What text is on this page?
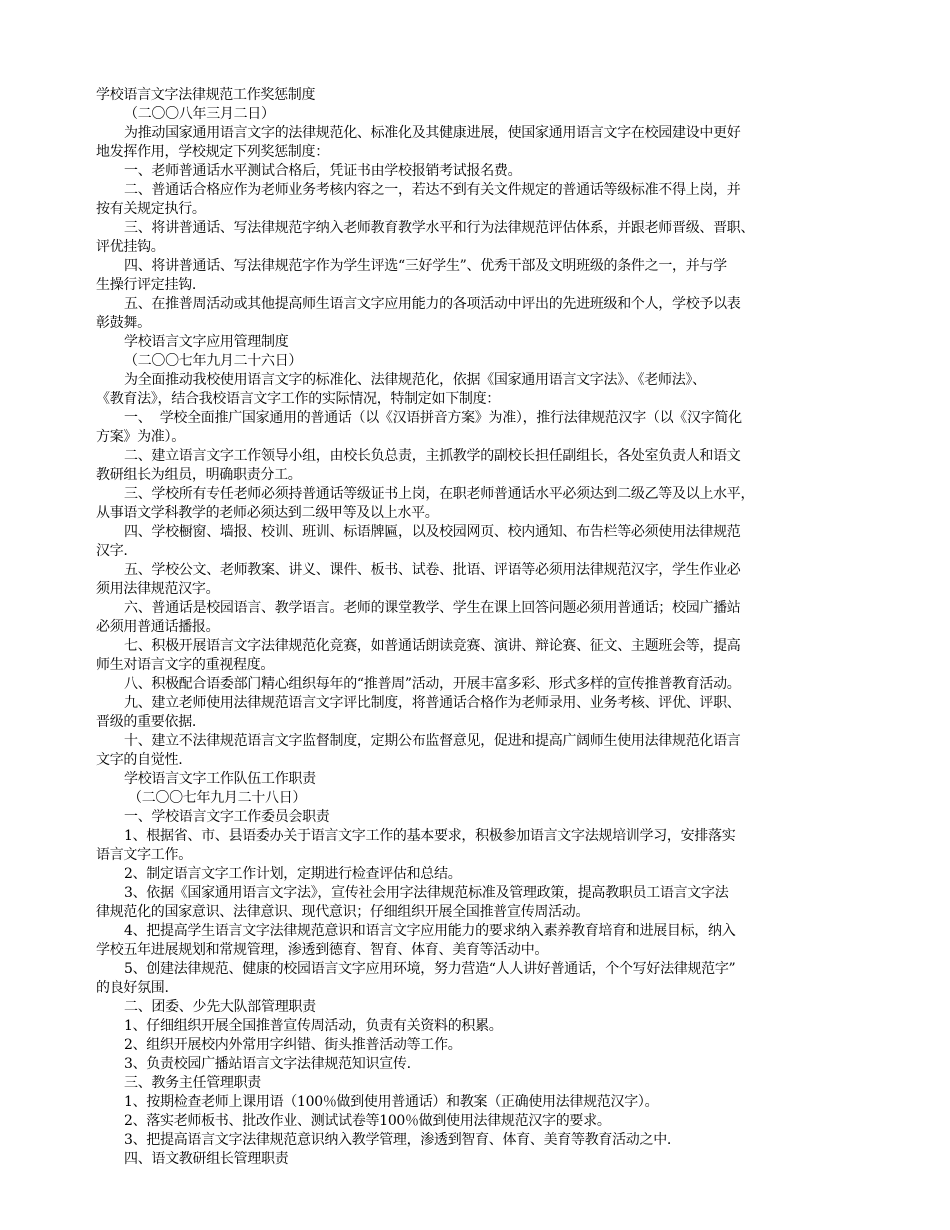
学校语言文字法律规范工作奖惩制度
（二〇〇八年三月二日）
为推动国家通用语言文字的法律规范化、标准化及其健康进展，使国家通用语言文字在校园建设中更好
地发挥作用，学校规定下列奖惩制度：
一、老师普通话水平测试合格后，凭证书由学校报销考试报名费。
二、普通话合格应作为老师业务考核内容之一，若达不到有关文件规定的普通话等级标准不得上岗，并
按有关规定执行。
三、将讲普通话、写法律规范字纳入老师教育教学水平和行为法律规范评估体系，并跟老师晋级、晋职、
评优挂钩。
四、将讲普通话、写法律规范字作为学生评选“三好学生”、优秀干部及文明班级的条件之一，并与学
生操行评定挂钩.
五、在推普周活动或其他提高师生语言文字应用能力的各项活动中评出的先进班级和个人，学校予以表
彰鼓舞。
学校语言文字应用管理制度
（二〇〇七年九月二十六日）
为全面推动我校使用语言文字的标准化、法律规范化，依据《国家通用语言文字法》、《老师法》、
《教育法》，结合我校语言文字工作的实际情况，特制定如下制度：
一、  学校全面推广国家通用的普通话（以《汉语拼音方案》为准），推行法律规范汉字（以《汉字简化
方案》为准）。
二、建立语言文字工作领导小组，由校长负总责，主抓教学的副校长担任副组长，各处室负责人和语文
教研组长为组员，明确职责分工。
三、学校所有专任老师必须持普通话等级证书上岗，在职老师普通话水平必须达到二级乙等及以上水平，
从事语文学科教学的老师必须达到二级甲等及以上水平。
四、学校橱窗、墙报、校训、班训、标语牌匾，以及校园网页、校内通知、布告栏等必须使用法律规范
汉字.
五、学校公文、老师教案、讲义、课件、板书、试卷、批语、评语等必须用法律规范汉字，学生作业必
须用法律规范汉字。
六、普通话是校园语言、教学语言。老师的课堂教学、学生在课上回答问题必须用普通话；校园广播站
必须用普通话播报。
七、积极开展语言文字法律规范化竞赛，如普通话朗读竞赛、演讲、辩论赛、征文、主题班会等，提高
师生对语言文字的重视程度。
八、积极配合语委部门精心组织每年的“推普周”活动，开展丰富多彩、形式多样的宣传推普教育活动。
九、建立老师使用法律规范语言文字评比制度，将普通话合格作为老师录用、业务考核、评优、评职、
晋级的重要依据.
十、建立不法律规范语言文字监督制度，定期公布监督意见，促进和提高广阔师生使用法律规范化语言
文字的自觉性.
学校语言文字工作队伍工作职责
（二〇〇七年九月二十八日）
一、学校语言文字工作委员会职责
1、根据省、市、县语委办关于语言文字工作的基本要求，积极参加语言文字法规培训学习，安排落实
语言文字工作。
2、制定语言文字工作计划，定期进行检查评估和总结。
3、依据《国家通用语言文字法》，宣传社会用字法律规范标准及管理政策，提高教职员工语言文字法
律规范化的国家意识、法律意识、现代意识；仔细组织开展全国推普宣传周活动。
4、把提高学生语言文字法律规范意识和语言文字应用能力的要求纳入素养教育培育和进展目标，纳入
学校五年进展规划和常规管理，渗透到德育、智育、体育、美育等活动中。
5、创建法律规范、健康的校园语言文字应用环境，努力营造“人人讲好普通话，个个写好法律规范字”
的良好氛围.
二、团委、少先大队部管理职责
1、仔细组织开展全国推普宣传周活动，负责有关资料的积累。
2、组织开展校内外常用字纠错、街头推普活动等工作。
3、负责校园广播站语言文字法律规范知识宣传.
三、教务主任管理职责
1、按期检查老师上课用语（100％做到使用普通话）和教案（正确使用法律规范汉字）。
2、落实老师板书、批改作业、测试试卷等100％做到使用法律规范汉字的要求。
3、把提高语言文字法律规范意识纳入教学管理，渗透到智育、体育、美育等教育活动之中.
四、语文教研组长管理职责
